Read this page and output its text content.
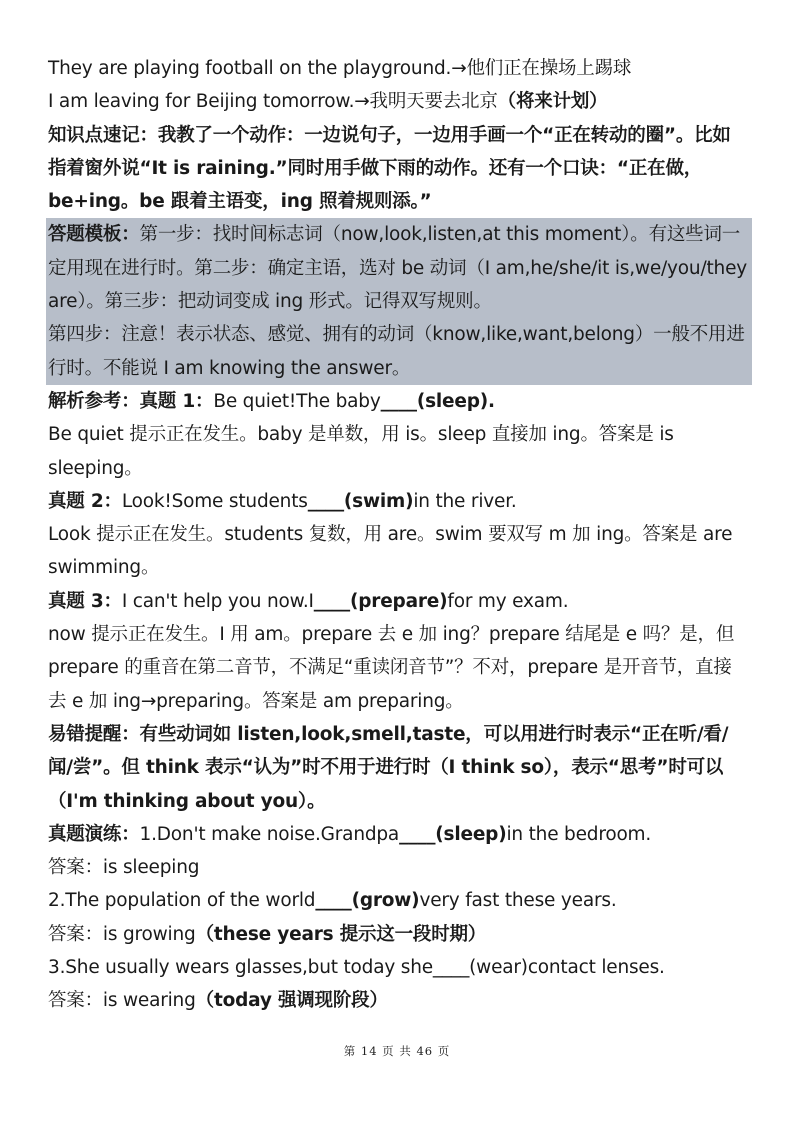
They are playing football on the playground.→他们正在操场上踢球
I am leaving for Beijing tomorrow.→我明天要去北京（将来计划）
知识点速记：我教了一个动作：一边说句子，一边用手画一个“正在转动的圈”。比如指着窗外说“It is raining.”同时用手做下雨的动作。还有一个口诀：“正在做，be+ing。be 跟着主语变，ing 照着规则添。”
答题模板：第一步：找时间标志词（now,look,listen,at this moment）。有这些词一定用现在进行时。第二步：确定主语，选对 be 动词（I am,he/she/it is,we/you/they are）。第三步：把动词变成 ing 形式。记得双写规则。
第四步：注意！表示状态、感觉、拥有的动词（know,like,want,belong）一般不用进行时。不能说 I am knowing the answer。
解析参考：真题 1：Be quiet!The baby____(sleep).
Be quiet 提示正在发生。baby 是单数，用 is。sleep 直接加 ing。答案是 is sleeping。
真题 2：Look!Some students____(swim)in the river.
Look 提示正在发生。students 复数，用 are。swim 要双写 m 加 ing。答案是 are swimming。
真题 3：I can't help you now.I____(prepare)for my exam.
now 提示正在发生。I 用 am。prepare 去 e 加 ing？prepare 结尾是 e 吗？是，但 prepare 的重音在第二音节，不满足“重读闭音节”？不对，prepare 是开音节，直接去 e 加 ing→preparing。答案是 am preparing。
易错提醒：有些动词如 listen,look,smell,taste，可以用进行时表示“正在听/看/闻/尝”。但 think 表示“认为”时不用于进行时（I think so），表示“思考”时可以（I'm thinking about you）。
真题演练：1.Don't make noise.Grandpa____(sleep)in the bedroom.
答案：is sleeping
2.The population of the world____(grow)very fast these years.
答案：is growing（these years 提示这一段时期）
3.She usually wears glasses,but today she____(wear)contact lenses.
答案：is wearing（today 强调现阶段）
第 14 页 共 46 页
